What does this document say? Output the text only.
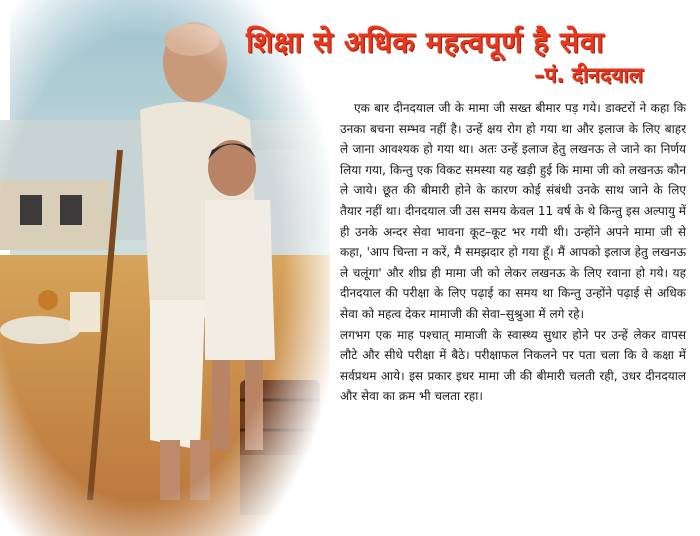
शिक्षा से अधिक महत्वपूर्ण है सेवा
–पं. दीनदयाल

एक बार दीनदयाल जी के मामा जी सख्त बीमार पड़ गये। डाक्टरों ने कहा कि उनका बचना सम्भव नहीं है। उन्हें क्षय रोग हो गया था और इलाज के लिए बाहर ले जाना आवश्यक हो गया था। अतः उन्हें इलाज हेतु लखनऊ ले जाने का निर्णय लिया गया, किन्तु एक विकट समस्या यह खड़ी हुई कि मामा जी को लखनऊ कौन ले जाये। छूत की बीमारी होने के कारण कोई संबंधी उनके साथ जाने के लिए तैयार नहीं था। दीनदयाल जी उस समय केवल 11 वर्ष के थे किन्तु इस अल्पायु में ही उनके अन्दर सेवा भावना कूट–कूट भर गयी थी। उन्होंने अपने मामा जी से कहा, 'आप चिन्ता न करें, मै समझदार हो गया हूँ। मैं आपको इलाज हेतु लखनऊ ले चलूंगा' और शीघ्र ही मामा जी को लेकर लखनऊ के लिए रवाना हो गये। यह दीनदयाल की परीक्षा के लिए पढ़ाई का समय था किन्तु उन्होंने पढ़ाई से अधिक सेवा को महत्व देकर मामाजी की सेवा–सुश्रुआ में लगे रहे।

लगभग एक माह पश्चात् मामाजी के स्वास्थ्य सुधार होने पर उन्हें लेकर वापस लौटे और सीधे परीक्षा में बैठे। परीक्षाफल निकलने पर पता चला कि वे कक्षा में सर्वप्रथम आये। इस प्रकार इधर मामा जी की बीमारी चलती रही, उधर दीनदयाल और सेवा का क्रम भी चलता रहा।
